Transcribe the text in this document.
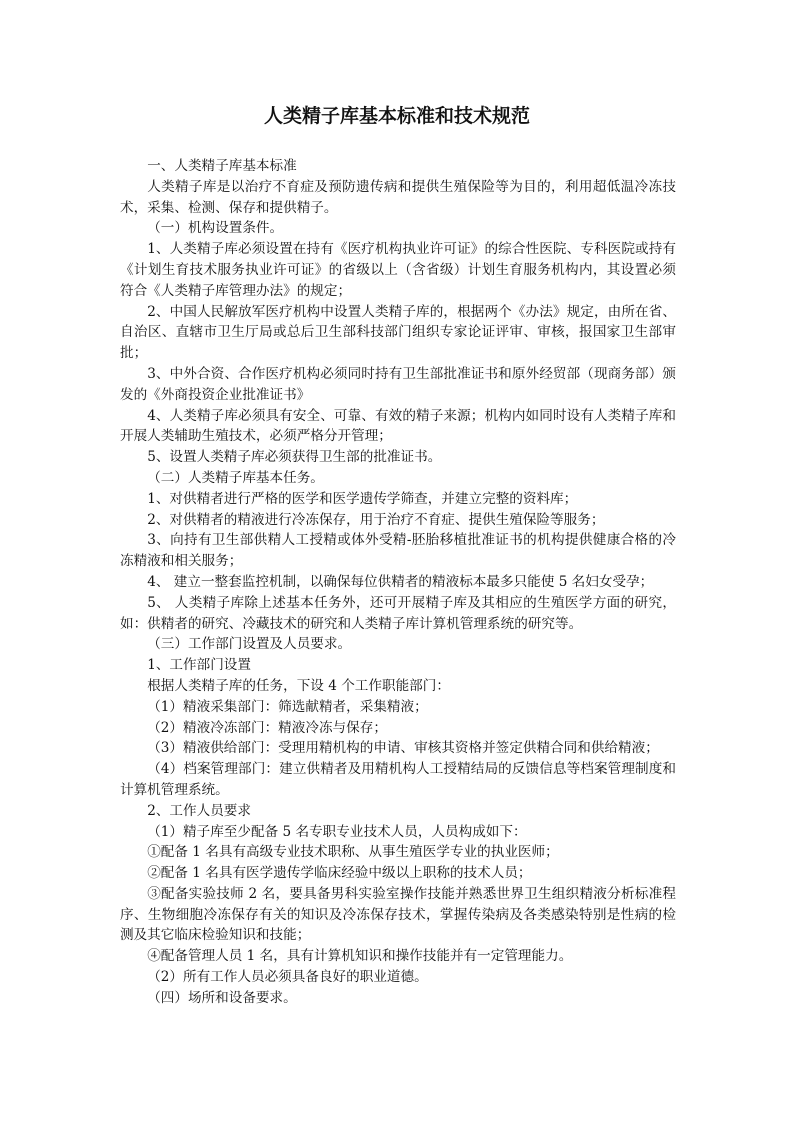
人类精子库基本标准和技术规范

一、人类精子库基本标准

人类精子库是以治疗不育症及预防遗传病和提供生殖保险等为目的，利用超低温冷冻技术，采集、检测、保存和提供精子。

（一）机构设置条件。

1、人类精子库必须设置在持有《医疗机构执业许可证》的综合性医院、专科医院或持有《计划生育技术服务执业许可证》的省级以上（含省级）计划生育服务机构内，其设置必须符合《人类精子库管理办法》的规定；

2、中国人民解放军医疗机构中设置人类精子库的，根据两个《办法》规定，由所在省、自治区、直辖市卫生厅局或总后卫生部科技部门组织专家论证评审、审核，报国家卫生部审批；

3、中外合资、合作医疗机构必须同时持有卫生部批准证书和原外经贸部（现商务部）颁发的《外商投资企业批准证书》

4、人类精子库必须具有安全、可靠、有效的精子来源；机构内如同时设有人类精子库和开展人类辅助生殖技术，必须严格分开管理；

5、设置人类精子库必须获得卫生部的批准证书。

（二）人类精子库基本任务。

1、对供精者进行严格的医学和医学遗传学筛查，并建立完整的资料库；

2、对供精者的精液进行冷冻保存，用于治疗不育症、提供生殖保险等服务；

3、向持有卫生部供精人工授精或体外受精-胚胎移植批准证书的机构提供健康合格的冷冻精液和相关服务；

4、 建立一整套监控机制，以确保每位供精者的精液标本最多只能使 5 名妇女受孕；

5、 人类精子库除上述基本任务外，还可开展精子库及其相应的生殖医学方面的研究，如：供精者的研究、冷藏技术的研究和人类精子库计算机管理系统的研究等。

（三）工作部门设置及人员要求。

1、工作部门设置

根据人类精子库的任务，下设 4 个工作职能部门：

（1）精液采集部门：筛选献精者，采集精液；

（2）精液冷冻部门：精液冷冻与保存；

（3）精液供给部门：受理用精机构的申请、审核其资格并签定供精合同和供给精液；

（4）档案管理部门：建立供精者及用精机构人工授精结局的反馈信息等档案管理制度和计算机管理系统。

2、工作人员要求

（1）精子库至少配备 5 名专职专业技术人员，人员构成如下：

①配备 1 名具有高级专业技术职称、从事生殖医学专业的执业医师；

②配备 1 名具有医学遗传学临床经验中级以上职称的技术人员；

③配备实验技师 2 名，要具备男科实验室操作技能并熟悉世界卫生组织精液分析标准程序、生物细胞冷冻保存有关的知识及冷冻保存技术，掌握传染病及各类感染特别是性病的检测及其它临床检验知识和技能；

④配备管理人员 1 名，具有计算机知识和操作技能并有一定管理能力。

（2）所有工作人员必须具备良好的职业道德。

（四）场所和设备要求。
